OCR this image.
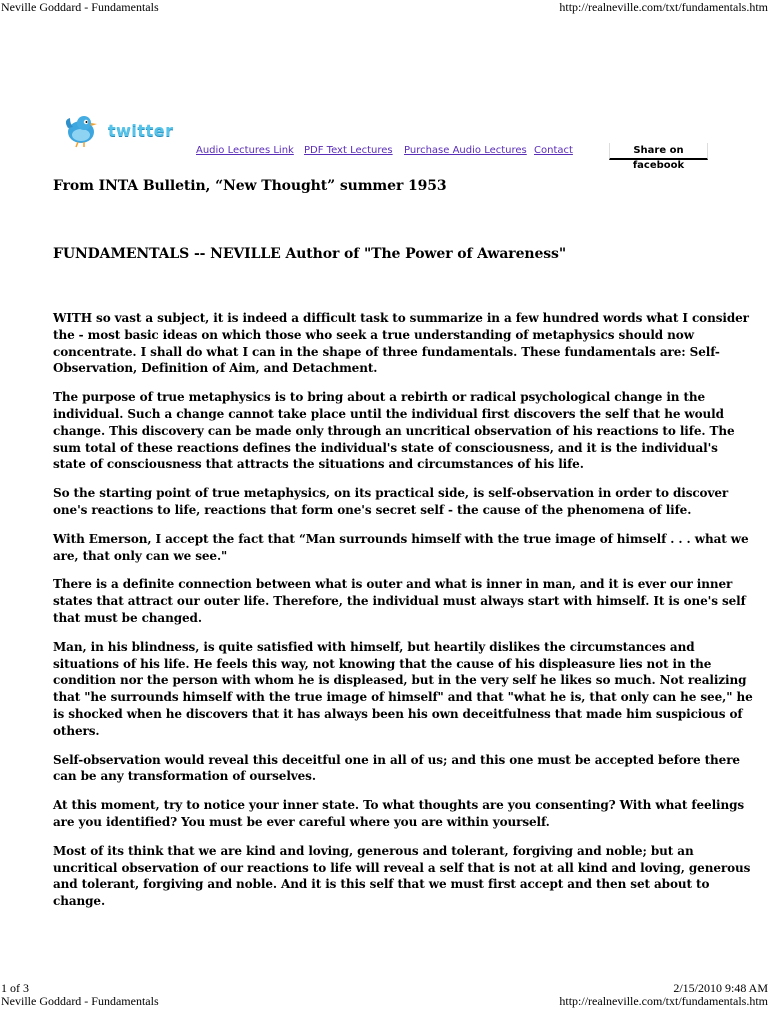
Neville Goddard - Fundamentals	http://realneville.com/txt/fundamentals.htm
twitter
Audio Lectures Link PDF Text Lectures Purchase Audio Lectures Contact	Share on facebook
From INTA Bulletin, “New Thought” summer 1953
FUNDAMENTALS -- NEVILLE Author of "The Power of Awareness"

WITH so vast a subject, it is indeed a difficult task to summarize in a few hundred words what I consider the - most basic ideas on which those who seek a true understanding of metaphysics should now concentrate. I shall do what I can in the shape of three fundamentals. These fundamentals are: Self-Observation, Definition of Aim, and Detachment.

The purpose of true metaphysics is to bring about a rebirth or radical psychological change in the individual. Such a change cannot take place until the individual first discovers the self that he would change. This discovery can be made only through an uncritical observation of his reactions to life. The sum total of these reactions defines the individual's state of consciousness, and it is the individual's state of consciousness that attracts the situations and circumstances of his life.

So the starting point of true metaphysics, on its practical side, is self-observation in order to discover one's reactions to life, reactions that form one's secret self - the cause of the phenomena of life.

With Emerson, I accept the fact that “Man surrounds himself with the true image of himself . . . what we are, that only can we see."

There is a definite connection between what is outer and what is inner in man, and it is ever our inner states that attract our outer life. Therefore, the individual must always start with himself. It is one's self that must be changed.

Man, in his blindness, is quite satisfied with himself, but heartily dislikes the circumstances and situations of his life. He feels this way, not knowing that the cause of his displeasure lies not in the condition nor the person with whom he is displeased, but in the very self he likes so much. Not realizing that "he surrounds himself with the true image of himself" and that "what he is, that only can he see," he is shocked when he discovers that it has always been his own deceitfulness that made him suspicious of others.

Self-observation would reveal this deceitful one in all of us; and this one must be accepted before there can be any transformation of ourselves.

At this moment, try to notice your inner state. To what thoughts are you consenting? With what feelings are you identified? You must be ever careful where you are within yourself.

Most of its think that we are kind and loving, generous and tolerant, forgiving and noble; but an uncritical observation of our reactions to life will reveal a self that is not at all kind and loving, generous and tolerant, forgiving and noble. And it is this self that we must first accept and then set about to change.

1 of 3	2/15/2010 9:48 AM
Neville Goddard - Fundamentals	http://realneville.com/txt/fundamentals.htm
